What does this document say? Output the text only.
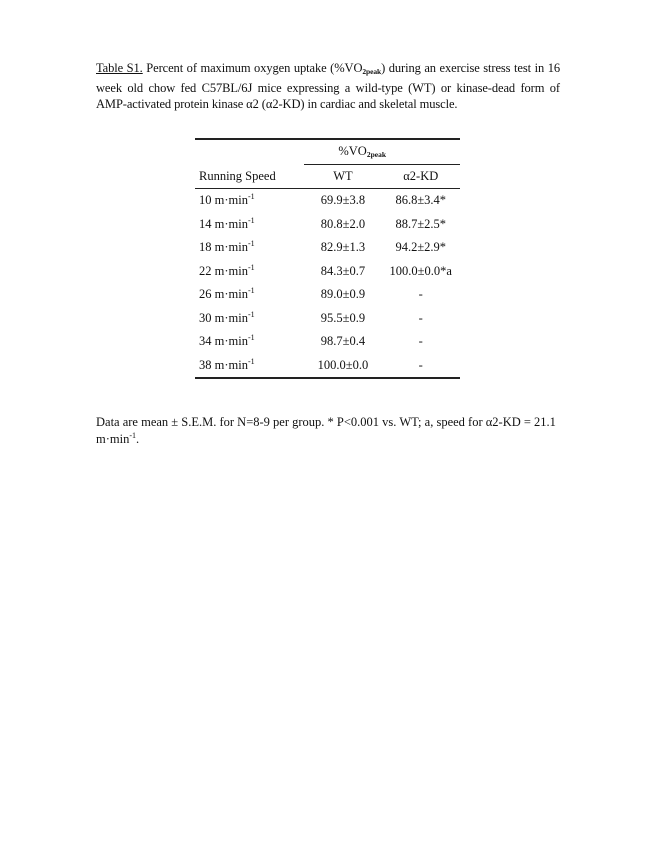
Table S1. Percent of maximum oxygen uptake $(\%VO_{2peak})$ during an exercise stress test in 16 week old chow fed C57BL/6J mice expressing a wild-type (WT) or kinase-dead form of AMP-activated protein kinase α2 (α2-KD) in cardiac and skeletal muscle.
	$\%VO_{2peak}$
Running Speed	WT	α2-KD
10 $m\cdot\min^{-1}$	69.9±3.8	86.8±3.4*
14 $m\cdot\min^{-1}$	80.8±2.0	88.7±2.5*
18 $m\cdot\min^{-1}$	82.9±1.3	94.2±2.9*
22 $m\cdot\min^{-1}$	84.3±0.7	100.0±0.0*a
26 $m\cdot\min^{-1}$	89.0±0.9	-
30 $m\cdot\min^{-1}$	95.5±0.9	-
34 $m\cdot\min^{-1}$	98.7±0.4	-
38 $m\cdot\min^{-1}$	100.0±0.0	-
Data are mean ± S.E.M. for N=8-9 per group. * P<0.001 vs. WT; a, speed for α2-KD = 21.1 $m\cdot\min^{-1}$.
